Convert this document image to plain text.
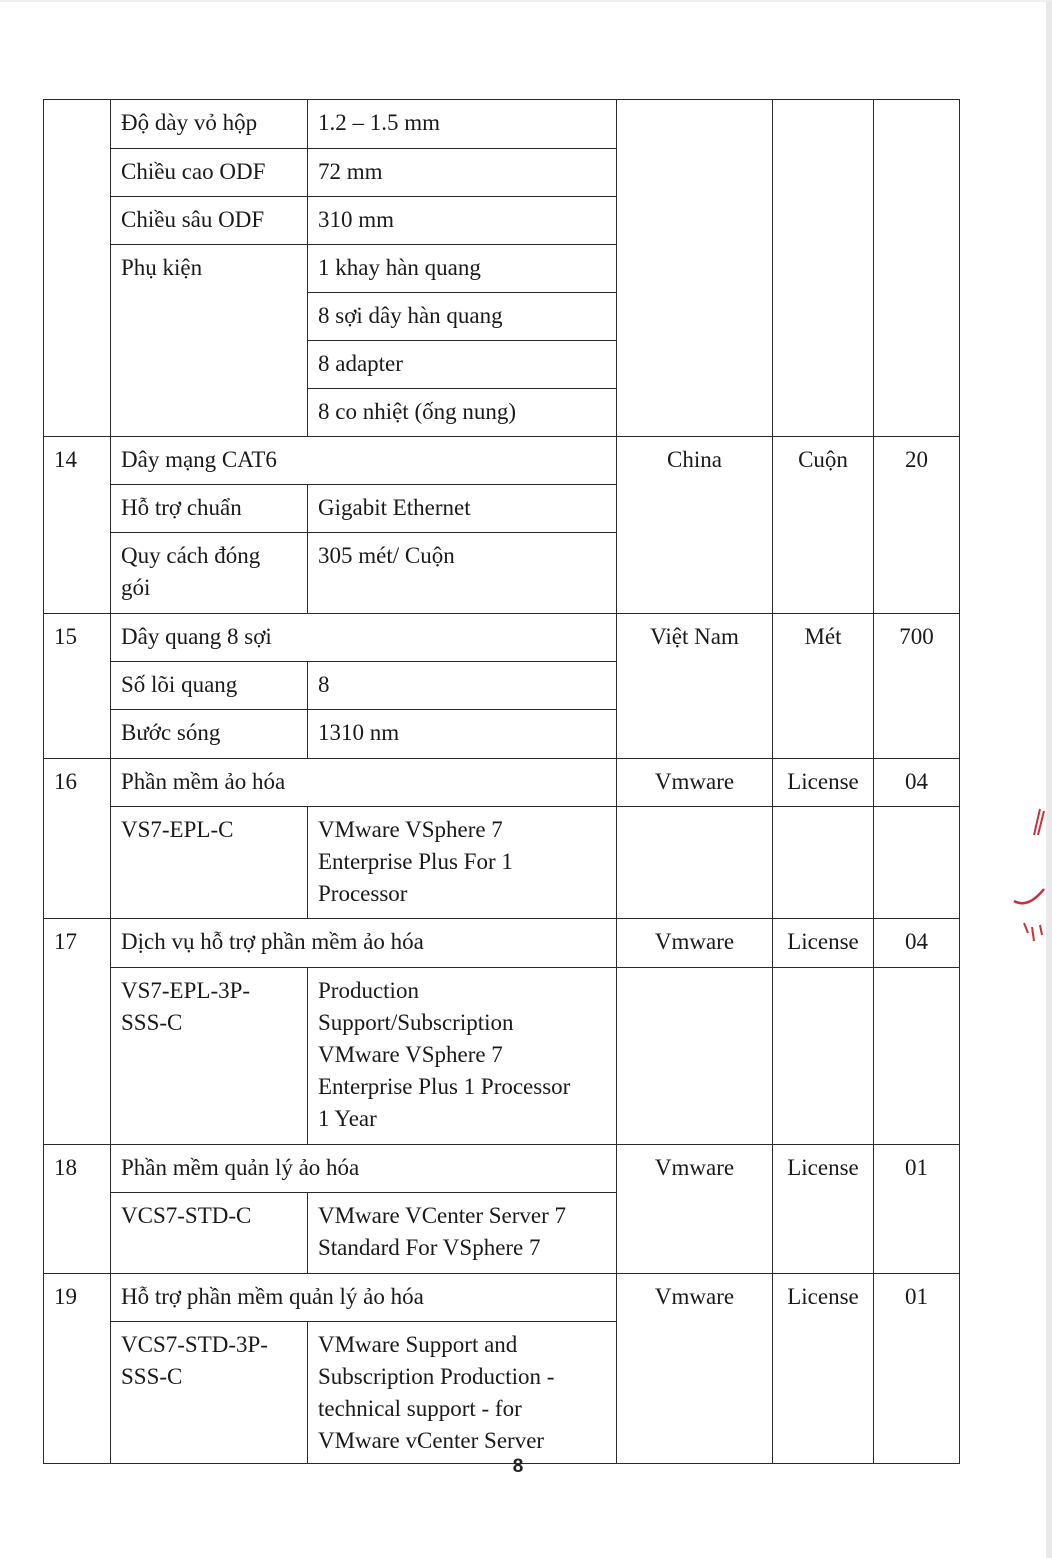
	Độ dày vỏ hộp	1.2 – 1.5 mm			
	Chiều cao ODF	72 mm			
	Chiều sâu ODF	310 mm			
	Phụ kiện	1 khay hàn quang			
		8 sợi dây hàn quang			
		8 adapter			
		8 co nhiệt (ống nung)			
14	Dây mạng CAT6		China	Cuộn	20
	Hỗ trợ chuẩn	Gigabit Ethernet			
	Quy cách đóng
gói	305 mét/ Cuộn			
15	Dây quang 8 sợi		Việt Nam	Mét	700
	Số lõi quang	8			
	Bước sóng	1310 nm			
16	Phần mềm ảo hóa		Vmware	License	04
	VS7-EPL-C	VMware VSphere 7
Enterprise Plus For 1
Processor			
17	Dịch vụ hỗ trợ phần mềm ảo hóa		Vmware	License	04
	VS7-EPL-3P-
SSS-C	Production
Support/Subscription
VMware VSphere 7
Enterprise Plus 1 Processor
1 Year			
18	Phần mềm quản lý ảo hóa		Vmware	License	01
	VCS7-STD-C	VMware VCenter Server 7
Standard For VSphere 7			
19	Hỗ trợ phần mềm quản lý ảo hóa		Vmware	License	01
	VCS7-STD-3P-
SSS-C	VMware Support and
Subscription Production -
technical support - for
VMware vCenter Server			
8
